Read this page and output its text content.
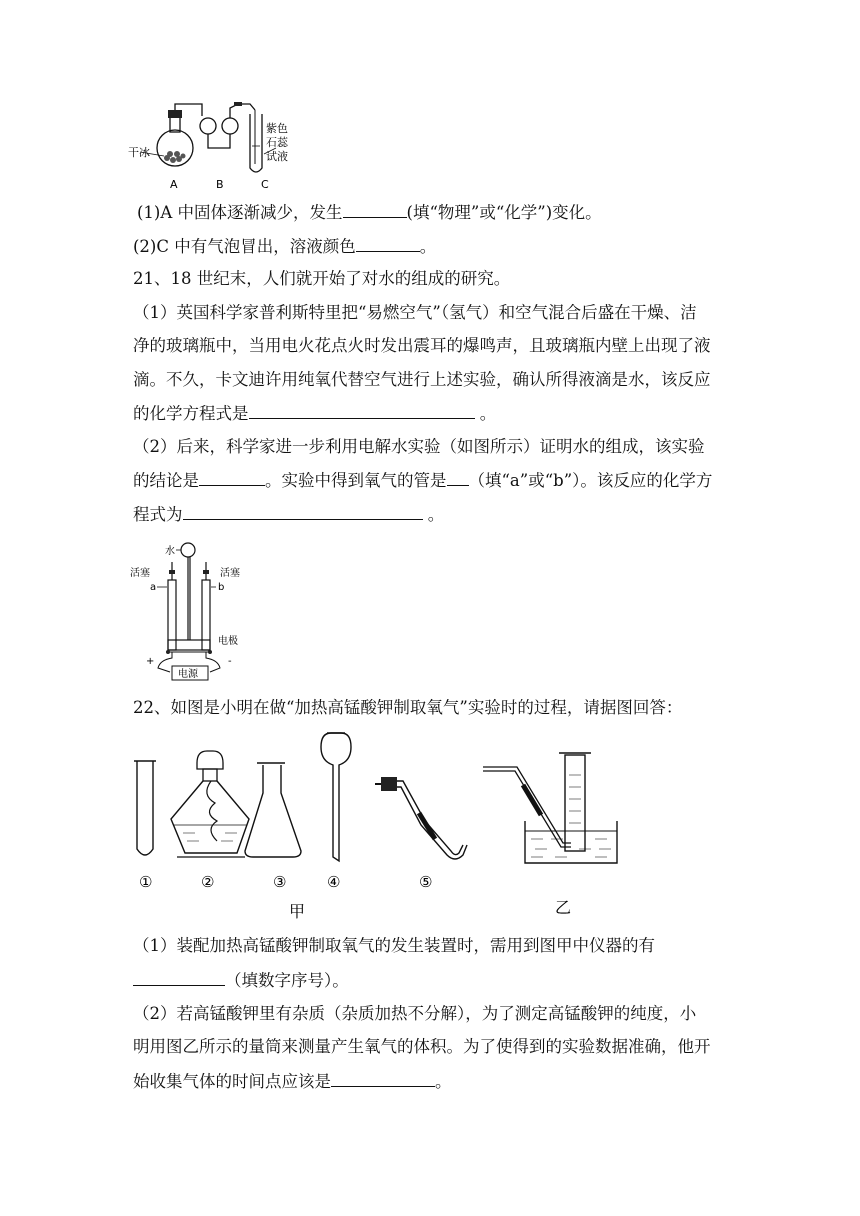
干冰
紫色
石蕊
试液
A	B	C
(1)A 中固体逐渐减少，发生	(填“物理”或“化学”)变化。
(2)C 中有气泡冒出，溶液颜色	。
21、18 世纪末，人们就开始了对水的组成的研究。
（1）英国科学家普利斯特里把“易燃空气”（氢气）和空气混合后盛在干燥、洁
净的玻璃瓶中，当用电火花点火时发出震耳的爆鸣声，且玻璃瓶内壁上出现了液
滴。不久，卡文迪许用纯氧代替空气进行上述实验，确认所得液滴是水，该反应
的化学方程式是	。
（2）后来，科学家进一步利用电解水实验（如图所示）证明水的组成，该实验
的结论是	。实验中得到氧气的管是 （填“a”或“b”）。该反应的化学方
程式为	。
水
活塞	活塞
a	b
电极
+	-
电源
22、如图是小明在做“加热高锰酸钾制取氧气”实验时的过程，请据图回答：
①	②	③	④	⑤
甲	乙
（1）装配加热高锰酸钾制取氧气的发生装置时，需用到图甲中仪器的有
（填数字序号）。
（2）若高锰酸钾里有杂质（杂质加热不分解），为了测定高锰酸钾的纯度，小
明用图乙所示的量筒来测量产生氧气的体积。为了使得到的实验数据准确，他开
始收集气体的时间点应该是	。
